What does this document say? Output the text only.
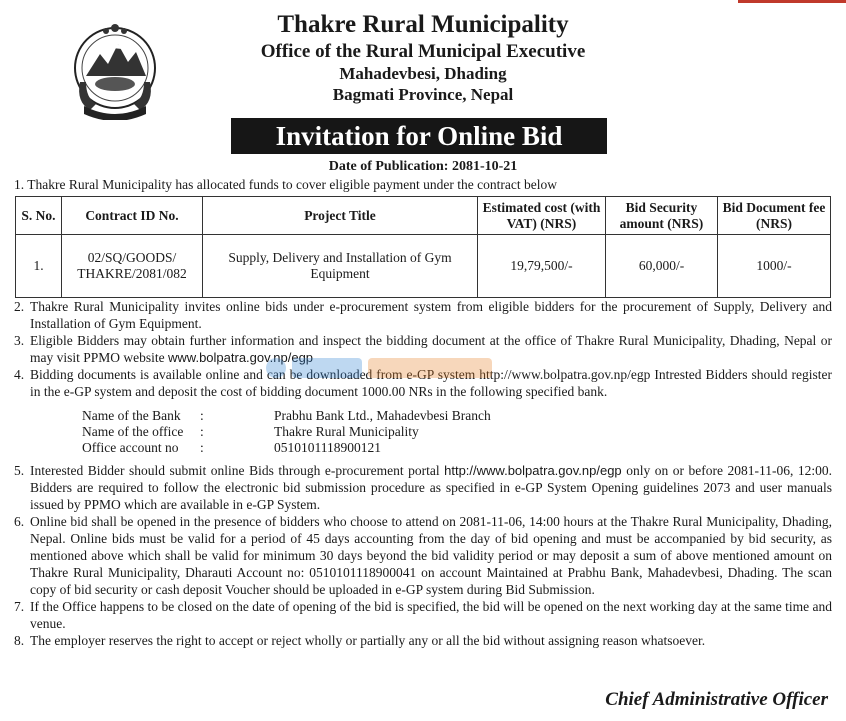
Thakre Rural Municipality
Office of the Rural Municipal Executive
Mahadevbesi, Dhading
Bagmati Province, Nepal
Invitation for Online Bid
Date of Publication: 2081-10-21
1. Thakre Rural Municipality has allocated funds to cover eligible payment under the contract below
S. No.	Contract ID No.	Project Title	Estimated cost (with VAT) (NRS)	Bid Security amount (NRS)	Bid Document fee (NRS)
1.	02/SQ/GOODS/ THAKRE/2081/082	Supply, Delivery and Installation of Gym Equipment	19,79,500/-	60,000/-	1000/-
2. Thakre Rural Municipality invites online bids under e-procurement system from eligible bidders for the procurement of Supply, Delivery and Installation of Gym Equipment.
3. Eligible Bidders may obtain further information and inspect the bidding document at the office of Thakre Rural Municipality, Dhading, Nepal or may visit PPMO website www.bolpatra.gov.np/egp
4. Bidding documents is available online and can be downloaded from e-GP system http://www.bolpatra.gov.np/egp Intrested Bidders should register in the e-GP system and deposit the cost of bidding document 1000.00 NRs in the following specified bank.
Name of the Bank	:	Prabhu Bank Ltd., Mahadevbesi Branch
Name of the office	:	Thakre Rural Municipality
Office account no	:	0510101118900121
5. Interested Bidder should submit online Bids through e-procurement portal http://www.bolpatra.gov.np/egp only on or before 2081-11-06, 12:00. Bidders are required to follow the electronic bid submission procedure as specified in e-GP System Opening guidelines 2073 and user manuals issued by PPMO which are available in e-GP System.
6. Online bid shall be opened in the presence of bidders who choose to attend on 2081-11-06, 14:00 hours at the Thakre Rural Municipality, Dhading, Nepal. Online bids must be valid for a period of 45 days accounting from the day of bid opening and must be accompanied by bid security, as mentioned above which shall be valid for minimum 30 days beyond the bid validity period or may deposit a sum of above mentioned amount on Thakre Rural Municipality, Dharauti Account no: 0510101118900041 on account Maintained at Prabhu Bank, Mahadevbesi, Dhading. The scan copy of bid security or cash deposit Voucher should be uploaded in e-GP system during Bid Submission.
7. If the Office happens to be closed on the date of opening of the bid is specified, the bid will be opened on the next working day at the same time and venue.
8. The employer reserves the right to accept or reject wholly or partially any or all the bid without assigning reason whatsoever.
Chief Administrative Officer
